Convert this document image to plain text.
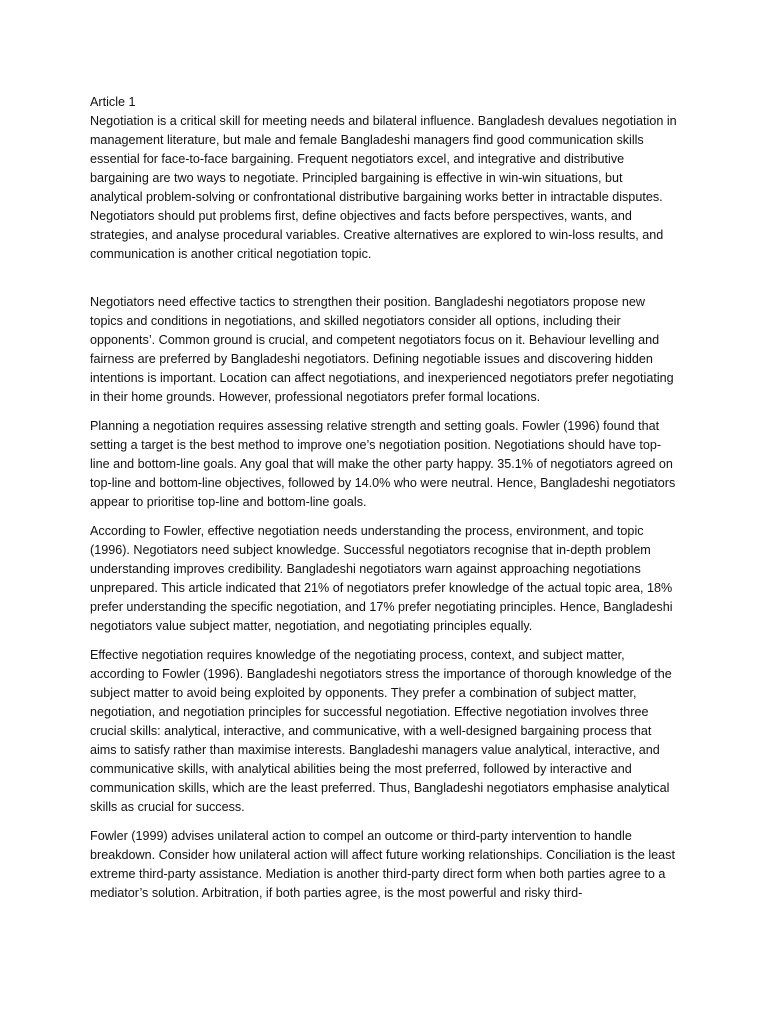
Article 1

Negotiation is a critical skill for meeting needs and bilateral influence. Bangladesh devalues negotiation in management literature, but male and female Bangladeshi managers find good communication skills essential for face-to-face bargaining. Frequent negotiators excel, and integrative and distributive bargaining are two ways to negotiate. Principled bargaining is effective in win-win situations, but analytical problem-solving or confrontational distributive bargaining works better in intractable disputes. Negotiators should put problems first, define objectives and facts before perspectives, wants, and strategies, and analyse procedural variables. Creative alternatives are explored to win-loss results, and communication is another critical negotiation topic.

Negotiators need effective tactics to strengthen their position. Bangladeshi negotiators propose new topics and conditions in negotiations, and skilled negotiators consider all options, including their opponents’. Common ground is crucial, and competent negotiators focus on it. Behaviour levelling and fairness are preferred by Bangladeshi negotiators. Defining negotiable issues and discovering hidden intentions is important. Location can affect negotiations, and inexperienced negotiators prefer negotiating in their home grounds. However, professional negotiators prefer formal locations.

Planning a negotiation requires assessing relative strength and setting goals. Fowler (1996) found that setting a target is the best method to improve one’s negotiation position. Negotiations should have top-line and bottom-line goals. Any goal that will make the other party happy. 35.1% of negotiators agreed on top-line and bottom-line objectives, followed by 14.0% who were neutral. Hence, Bangladeshi negotiators appear to prioritise top-line and bottom-line goals.

According to Fowler, effective negotiation needs understanding the process, environment, and topic (1996). Negotiators need subject knowledge. Successful negotiators recognise that in-depth problem understanding improves credibility. Bangladeshi negotiators warn against approaching negotiations unprepared. This article indicated that 21% of negotiators prefer knowledge of the actual topic area, 18% prefer understanding the specific negotiation, and 17% prefer negotiating principles. Hence, Bangladeshi negotiators value subject matter, negotiation, and negotiating principles equally.

Effective negotiation requires knowledge of the negotiating process, context, and subject matter, according to Fowler (1996). Bangladeshi negotiators stress the importance of thorough knowledge of the subject matter to avoid being exploited by opponents. They prefer a combination of subject matter, negotiation, and negotiation principles for successful negotiation. Effective negotiation involves three crucial skills: analytical, interactive, and communicative, with a well-designed bargaining process that aims to satisfy rather than maximise interests. Bangladeshi managers value analytical, interactive, and communicative skills, with analytical abilities being the most preferred, followed by interactive and communication skills, which are the least preferred. Thus, Bangladeshi negotiators emphasise analytical skills as crucial for success.

Fowler (1999) advises unilateral action to compel an outcome or third-party intervention to handle breakdown. Consider how unilateral action will affect future working relationships. Conciliation is the least extreme third-party assistance. Mediation is another third-party direct form when both parties agree to a mediator’s solution. Arbitration, if both parties agree, is the most powerful and risky third-
